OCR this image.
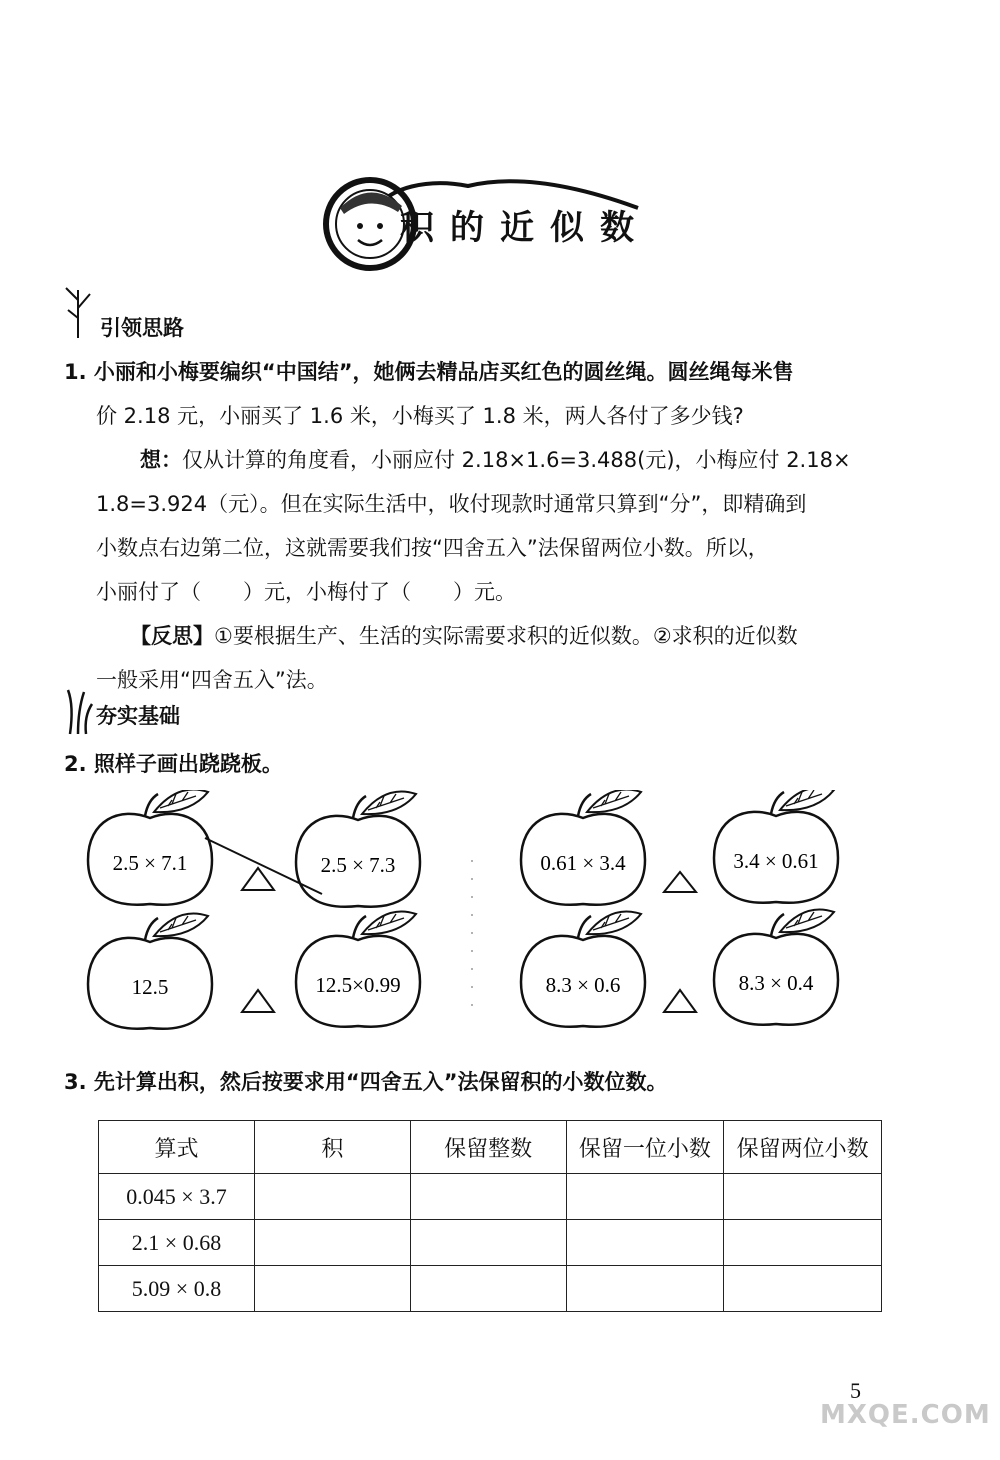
积的近似数
引领思路
1. 小丽和小梅要编织“中国结”，她俩去精品店买红色的圆丝绳。圆丝绳每米售
价 2.18 元，小丽买了 1.6 米，小梅买了 1.8 米，两人各付了多少钱?
想：仅从计算的角度看，小丽应付 2.18×1.6=3.488(元)，小梅应付 2.18×
1.8=3.924（元）。但在实际生活中，收付现款时通常只算到“分”，即精确到
小数点右边第二位，这就需要我们按“四舍五入”法保留两位小数。所以，
小丽付了（　　）元，小梅付了（　　）元。
【反思】①要根据生产、生活的实际需要求积的近似数。②求积的近似数
一般采用“四舍五入”法。
夯实基础
2. 照样子画出跷跷板。
2.5 × 7.1	2.5 × 7.3	0.61 × 3.4	3.4 × 0.61
12.5	12.5×0.99	8.3 × 0.6	8.3 × 0.4
3. 先计算出积，然后按要求用“四舍五入”法保留积的小数位数。
算式	积	保留整数	保留一位小数	保留两位小数
0.045 × 3.7				
2.1 × 0.68				
5.09 × 0.8				
5
MXQE.COM
